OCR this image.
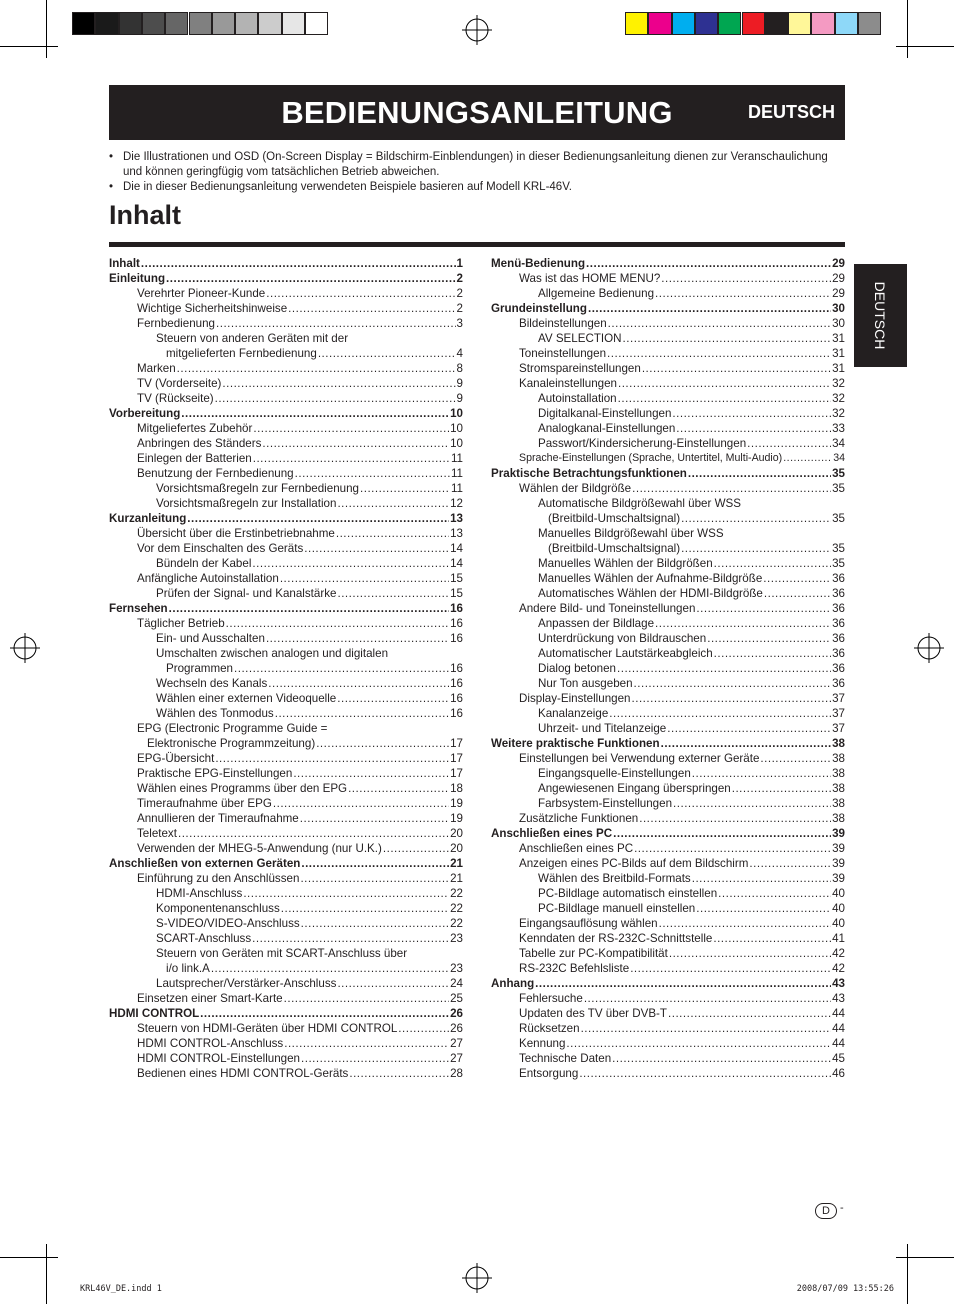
BEDIENUNGSANLEITUNG	DEUTSCH
• Die Illustrationen und OSD (On-Screen Display = Bildschirm-Einblendungen) in dieser Bedienungsanleitung dienen zur Veranschaulichung und können geringfügig vom tatsächlichen Betrieb abweichen.
• Die in dieser Bedienungsanleitung verwendeten Beispiele basieren auf Modell KRL-46V.
Inhalt
Inhalt .....	1
Einleitung .....	2
Verehrter Pioneer-Kunde .....	2
Wichtige Sicherheitshinweise .....	2
Fernbedienung .....	3
Steuern von anderen Geräten mit der
mitgelieferten Fernbedienung .....	4
Marken .....	8
TV (Vorderseite) .....	9
TV (Rückseite) .....	9
Vorbereitung .....	10
Mitgeliefertes Zubehör .....	10
Anbringen des Ständers .....	10
Einlegen der Batterien .....	11
Benutzung der Fernbedienung .....	11
Vorsichtsmaßregeln zur Fernbedienung .....	11
Vorsichtsmaßregeln zur Installation .....	12
Kurzanleitung .....	13
Übersicht über die Erstinbetriebnahme .....	13
Vor dem Einschalten des Geräts .....	14
Bündeln der Kabel .....	14
Anfängliche Autoinstallation .....	15
Prüfen der Signal- und Kanalstärke .....	15
Fernsehen .....	16
Täglicher Betrieb .....	16
Ein- und Ausschalten .....	16
Umschalten zwischen analogen und digitalen
Programmen .....	16
Wechseln des Kanals .....	16
Wählen einer externen Videoquelle .....	16
Wählen des Tonmodus .....	16
EPG (Electronic Programme Guide =
Elektronische Programmzeitung) .....	17
EPG-Übersicht .....	17
Praktische EPG-Einstellungen .....	17
Wählen eines Programms über den EPG .....	18
Timeraufnahme über EPG .....	19
Annullieren der Timeraufnahme .....	19
Teletext .....	20
Verwenden der MHEG-5-Anwendung (nur U.K.) .....	20
Anschließen von externen Geräten .....	21
Einführung zu den Anschlüssen .....	21
HDMI-Anschluss .....	22
Komponentenanschluss .....	22
S-VIDEO/VIDEO-Anschluss .....	22
SCART-Anschluss .....	23
Steuern von Geräten mit SCART-Anschluss über
i/o link.A .....	23
Lautsprecher/Verstärker-Anschluss .....	24
Einsetzen einer Smart-Karte .....	25
HDMI CONTROL .....	26
Steuern von HDMI-Geräten über HDMI CONTROL .....	26
HDMI CONTROL-Anschluss .....	27
HDMI CONTROL-Einstellungen .....	27
Bedienen eines HDMI CONTROL-Geräts .....	28
Menü-Bedienung .....	29
Was ist das HOME MENU? .....	29
Allgemeine Bedienung .....	29
Grundeinstellung .....	30
Bildeinstellungen .....	30
AV SELECTION .....	31
Toneinstellungen .....	31
Stromspareinstellungen .....	31
Kanaleinstellungen .....	32
Autoinstallation .....	32
Digitalkanal-Einstellungen .....	32
Analogkanal-Einstellungen .....	33
Passwort/Kindersicherung-Einstellungen .....	34
Sprache-Einstellungen (Sprache, Untertitel, Multi-Audio) .....	34
Praktische Betrachtungsfunktionen .....	35
Wählen der Bildgröße .....	35
Automatische Bildgrößewahl über WSS
(Breitbild-Umschaltsignal) .....	35
Manuelles Bildgrößewahl über WSS
(Breitbild-Umschaltsignal) .....	35
Manuelles Wählen der Bildgrößen .....	35
Manuelles Wählen der Aufnahme-Bildgröße .....	36
Automatisches Wählen der HDMI-Bildgröße .....	36
Andere Bild- und Toneinstellungen .....	36
Anpassen der Bildlage .....	36
Unterdrückung von Bildrauschen .....	36
Automatischer Lautstärkeabgleich .....	36
Dialog betonen .....	36
Nur Ton ausgeben .....	36
Display-Einstellungen .....	37
Kanalanzeige .....	37
Uhrzeit- und Titelanzeige .....	37
Weitere praktische Funktionen .....	38
Einstellungen bei Verwendung externer Geräte .....	38
Eingangsquelle-Einstellungen .....	38
Angewiesenen Eingang überspringen .....	38
Farbsystem-Einstellungen .....	38
Zusätzliche Funktionen .....	38
Anschließen eines PC .....	39
Anschließen eines PC .....	39
Anzeigen eines PC-Bilds auf dem Bildschirm .....	39
Wählen des Breitbild-Formats .....	39
PC-Bildlage automatisch einstellen .....	40
PC-Bildlage manuell einstellen .....	40
Eingangsauflösung wählen .....	40
Kenndaten der RS-232C-Schnittstelle .....	41
Tabelle zur PC-Kompatibilität .....	42
RS-232C Befehlsliste .....	42
Anhang .....	43
Fehlersuche .....	43
Updaten des TV über DVB-T .....	44
Rücksetzen .....	44
Kennung .....	44
Technische Daten .....	45
Entsorgung .....	46
DEUTSCH
D -
KRL46V_DE.indd 1	2008/07/09 13:55:26
